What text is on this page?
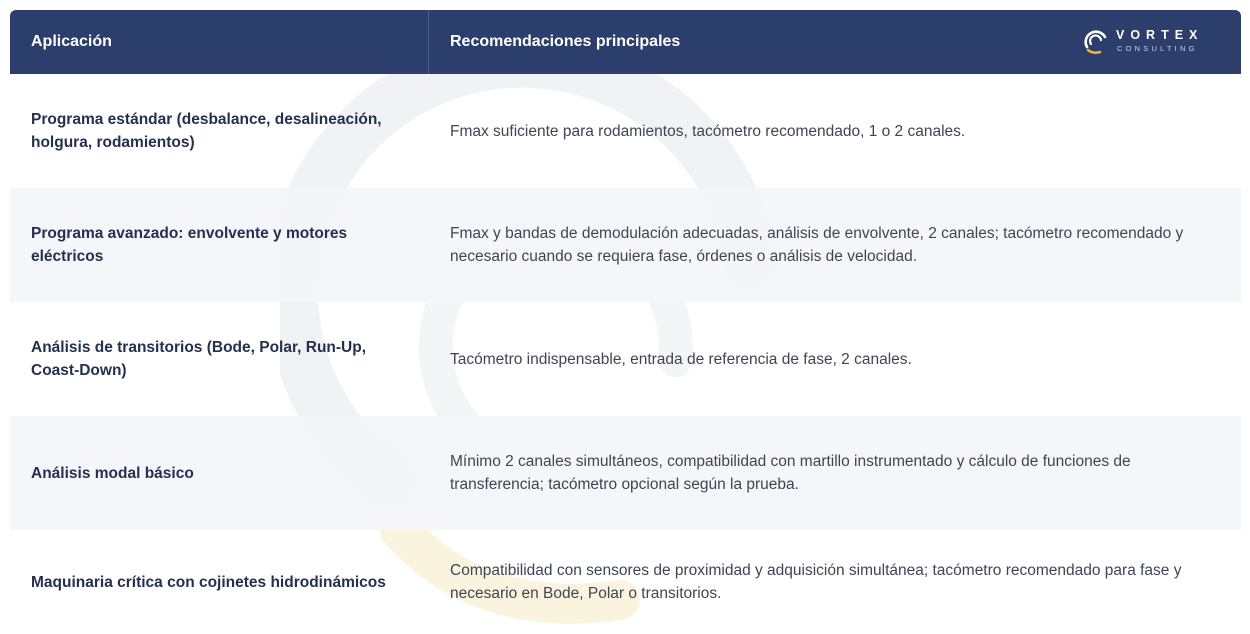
Aplicación	Recomendaciones principales	VORTEX
CONSULTING
Programa estándar (desbalance, desalineación, holgura, rodamientos)
Fmax suficiente para rodamientos, tacómetro recomendado, 1 o 2 canales.
Programa avanzado: envolvente y motores eléctricos
Fmax y bandas de demodulación adecuadas, análisis de envolvente, 2 canales; tacómetro recomendado y necesario cuando se requiera fase, órdenes o análisis de velocidad.
Análisis de transitorios (Bode, Polar, Run-Up, Coast-Down)
Tacómetro indispensable, entrada de referencia de fase, 2 canales.
Análisis modal básico
Mínimo 2 canales simultáneos, compatibilidad con martillo instrumentado y cálculo de funciones de transferencia; tacómetro opcional según la prueba.
Maquinaria crítica con cojinetes hidrodinámicos
Compatibilidad con sensores de proximidad y adquisición simultánea; tacómetro recomendado para fase y necesario en Bode, Polar o transitorios.
